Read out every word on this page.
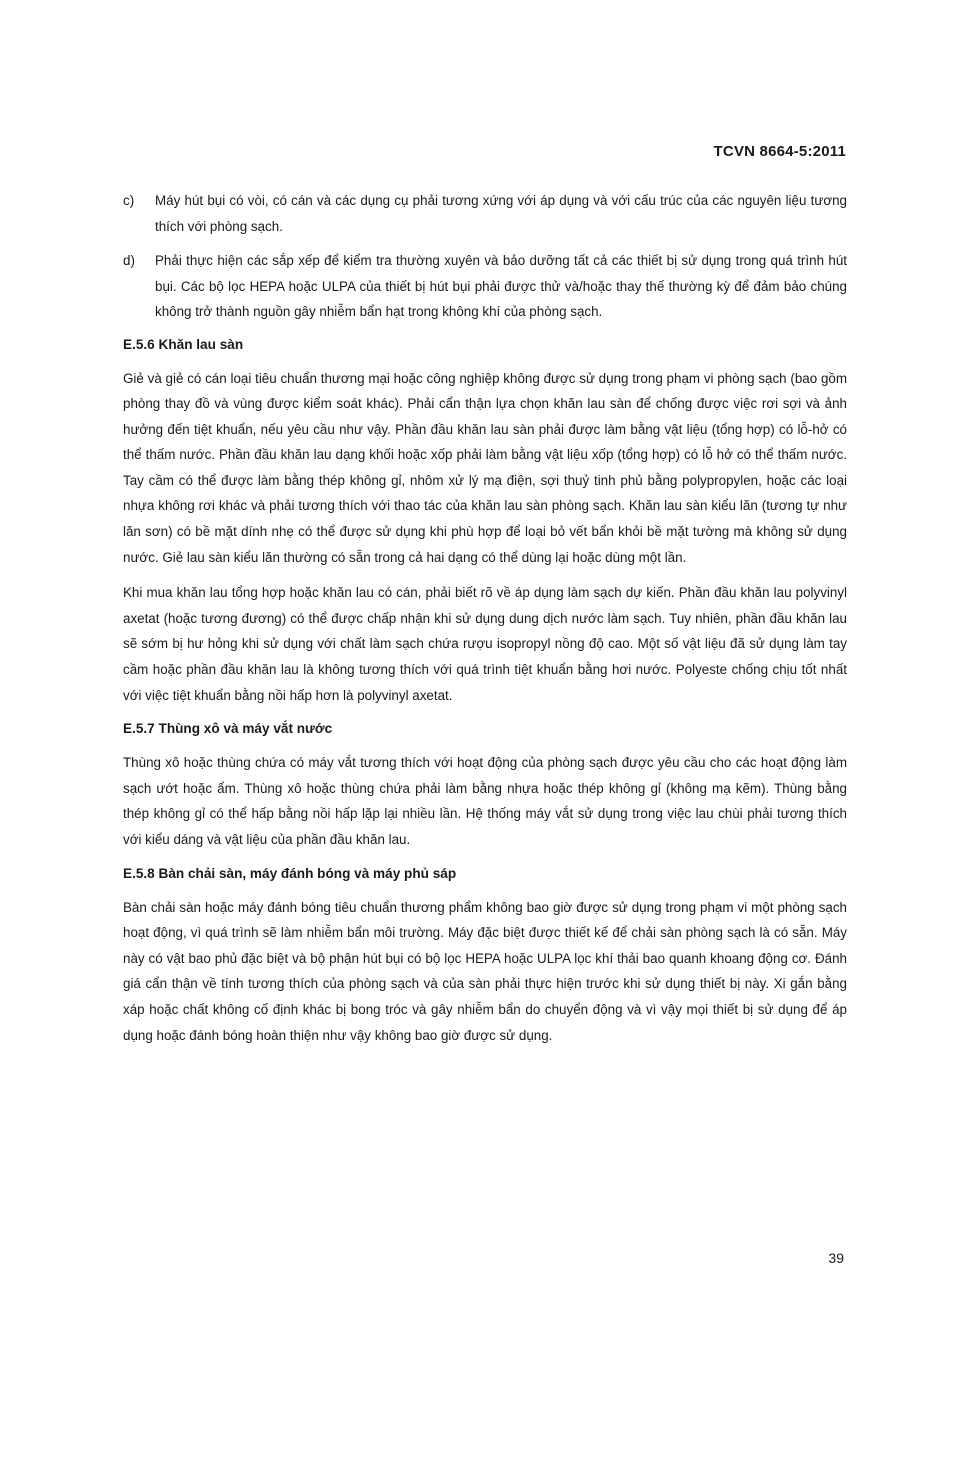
TCVN 8664-5:2011
c)	Máy hút bụi có vòi, có cán và các dụng cụ phải tương xứng với áp dụng và với cấu trúc của các nguyên liệu tương thích với phòng sạch.
d)	Phải thực hiện các sắp xếp để kiểm tra thường xuyên và bảo dưỡng tất cả các thiết bị sử dụng trong quá trình hút bụi. Các bộ lọc HEPA hoặc ULPA của thiết bị hút bụi phải được thử và/hoặc thay thế thường kỳ để đảm bảo chúng không trở thành nguồn gây nhiễm bẩn hạt trong không khí của phòng sạch.
E.5.6 Khăn lau sàn

Giẻ và giẻ có cán loại tiêu chuẩn thương mại hoặc công nghiệp không được sử dụng trong phạm vi phòng sạch (bao gồm phòng thay đồ và vùng được kiểm soát khác). Phải cẩn thận lựa chọn khăn lau sàn để chống được việc rơi sợi và ảnh hưởng đến tiệt khuẩn, nếu yêu cầu như vậy. Phần đầu khăn lau sàn phải được làm bằng vật liệu (tổng hợp) có lỗ-hở có thể thấm nước. Phần đầu khăn lau dạng khối hoặc xốp phải làm bằng vật liệu xốp (tổng hợp) có lỗ hở có thể thấm nước. Tay cầm có thể được làm bằng thép không gỉ, nhôm xử lý mạ điện, sợi thuỷ tinh phủ bằng polypropylen, hoặc các loại nhựa không rơi khác và phải tương thích với thao tác của khăn lau sàn phòng sạch. Khăn lau sàn kiểu lăn (tương tự như lăn sơn) có bề mặt dính nhẹ có thể được sử dụng khi phù hợp để loại bỏ vết bẩn khỏi bề mặt tường mà không sử dụng nước. Giẻ lau sàn kiểu lăn thường có sẵn trong cả hai dạng có thể dùng lại hoặc dùng một lần.

Khi mua khăn lau tổng hợp hoặc khăn lau có cán, phải biết rõ về áp dụng làm sạch dự kiến. Phần đầu khăn lau polyvinyl axetat (hoặc tương đương) có thể được chấp nhận khi sử dụng dung dịch nước làm sạch. Tuy nhiên, phần đầu khăn lau sẽ sớm bị hư hỏng khi sử dụng với chất làm sạch chứa rượu isopropyl nồng độ cao. Một số vật liệu đã sử dụng làm tay cầm hoặc phần đầu khăn lau là không tương thích với quá trình tiệt khuẩn bằng hơi nước. Polyeste chống chịu tốt nhất với việc tiệt khuẩn bằng nồi hấp hơn là polyvinyl axetat.

E.5.7 Thùng xô và máy vắt nước

Thùng xô hoặc thùng chứa có máy vắt tương thích với hoạt động của phòng sạch được yêu cầu cho các hoạt động làm sạch ướt hoặc ẩm. Thùng xô hoặc thùng chứa phải làm bằng nhựa hoặc thép không gỉ (không mạ kẽm). Thùng bằng thép không gỉ có thể hấp bằng nồi hấp lặp lại nhiều lần. Hệ thống máy vắt sử dụng trong việc lau chùi phải tương thích với kiểu dáng và vật liệu của phần đầu khăn lau.

E.5.8 Bàn chải sàn, máy đánh bóng và máy phủ sáp

Bàn chải sàn hoặc máy đánh bóng tiêu chuẩn thương phẩm không bao giờ được sử dụng trong phạm vi một phòng sạch hoạt động, vì quá trình sẽ làm nhiễm bẩn môi trường. Máy đặc biệt được thiết kế để chải sàn phòng sạch là có sẵn. Máy này có vật bao phủ đặc biệt và bộ phận hút bụi có bộ lọc HEPA hoặc ULPA lọc khí thải bao quanh khoang động cơ. Đánh giá cẩn thận về tính tương thích của phòng sạch và của sàn phải thực hiện trước khi sử dụng thiết bị này. Xi gắn bằng xáp hoặc chất không cố định khác bị bong tróc và gây nhiễm bẩn do chuyển động và vì vậy mọi thiết bị sử dụng để áp dụng hoặc đánh bóng hoàn thiện như vậy không bao giờ được sử dụng.

39
